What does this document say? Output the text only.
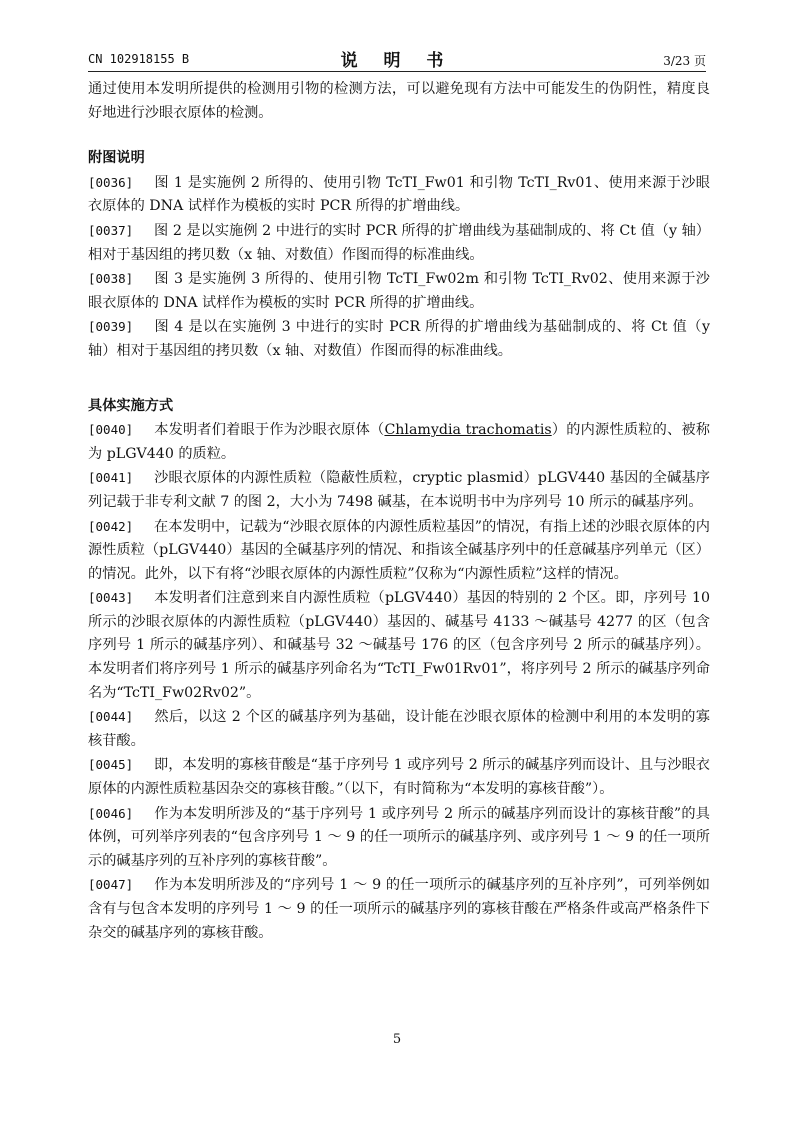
CN 102918155 B	说 明 书	3/23 页

通过使用本发明所提供的检测用引物的检测方法，可以避免现有方法中可能发生的伪阴性，精度良好地进行沙眼衣原体的检测。

附图说明

[0036] 图 1 是实施例 2 所得的、使用引物 TcTI_Fw01 和引物 TcTI_Rv01、使用来源于沙眼衣原体的 DNA 试样作为模板的实时 PCR 所得的扩增曲线。

[0037] 图 2 是以实施例 2 中进行的实时 PCR 所得的扩增曲线为基础制成的、将 Ct 值（y 轴）相对于基因组的拷贝数（x 轴、对数值）作图而得的标准曲线。

[0038] 图 3 是实施例 3 所得的、使用引物 TcTI_Fw02m 和引物 TcTI_Rv02、使用来源于沙眼衣原体的 DNA 试样作为模板的实时 PCR 所得的扩增曲线。

[0039] 图 4 是以在实施例 3 中进行的实时 PCR 所得的扩增曲线为基础制成的、将 Ct 值（y 轴）相对于基因组的拷贝数（x 轴、对数值）作图而得的标准曲线。

具体实施方式

[0040] 本发明者们着眼于作为沙眼衣原体（Chlamydia trachomatis）的内源性质粒的、被称为 pLGV440 的质粒。

[0041] 沙眼衣原体的内源性质粒（隐蔽性质粒，cryptic plasmid）pLGV440 基因的全碱基序列记载于非专利文献 7 的图 2，大小为 7498 碱基，在本说明书中为序列号 10 所示的碱基序列。

[0042] 在本发明中，记载为“沙眼衣原体的内源性质粒基因”的情况，有指上述的沙眼衣原体的内源性质粒（pLGV440）基因的全碱基序列的情况、和指该全碱基序列中的任意碱基序列单元（区）的情况。此外，以下有将“沙眼衣原体的内源性质粒”仅称为“内源性质粒”这样的情况。

[0043] 本发明者们注意到来自内源性质粒（pLGV440）基因的特别的 2 个区。即，序列号 10 所示的沙眼衣原体的内源性质粒（pLGV440）基因的、碱基号 4133 ～碱基号 4277 的区（包含序列号 1 所示的碱基序列）、和碱基号 32 ～碱基号 176 的区（包含序列号 2 所示的碱基序列）。本发明者们将序列号 1 所示的碱基序列命名为“TcTI_Fw01Rv01”，将序列号 2 所示的碱基序列命名为“TcTI_Fw02Rv02”。

[0044] 然后，以这 2 个区的碱基序列为基础，设计能在沙眼衣原体的检测中利用的本发明的寡核苷酸。

[0045] 即，本发明的寡核苷酸是“基于序列号 1 或序列号 2 所示的碱基序列而设计、且与沙眼衣原体的内源性质粒基因杂交的寡核苷酸。”（以下，有时简称为“本发明的寡核苷酸”）。

[0046] 作为本发明所涉及的“基于序列号 1 或序列号 2 所示的碱基序列而设计的寡核苷酸”的具体例，可列举序列表的“包含序列号 1 ～ 9 的任一项所示的碱基序列、或序列号 1 ～ 9 的任一项所示的碱基序列的互补序列的寡核苷酸”。

[0047] 作为本发明所涉及的“序列号 1 ～ 9 的任一项所示的碱基序列的互补序列”，可列举例如含有与包含本发明的序列号 1 ～ 9 的任一项所示的碱基序列的寡核苷酸在严格条件或高严格条件下杂交的碱基序列的寡核苷酸。

5
